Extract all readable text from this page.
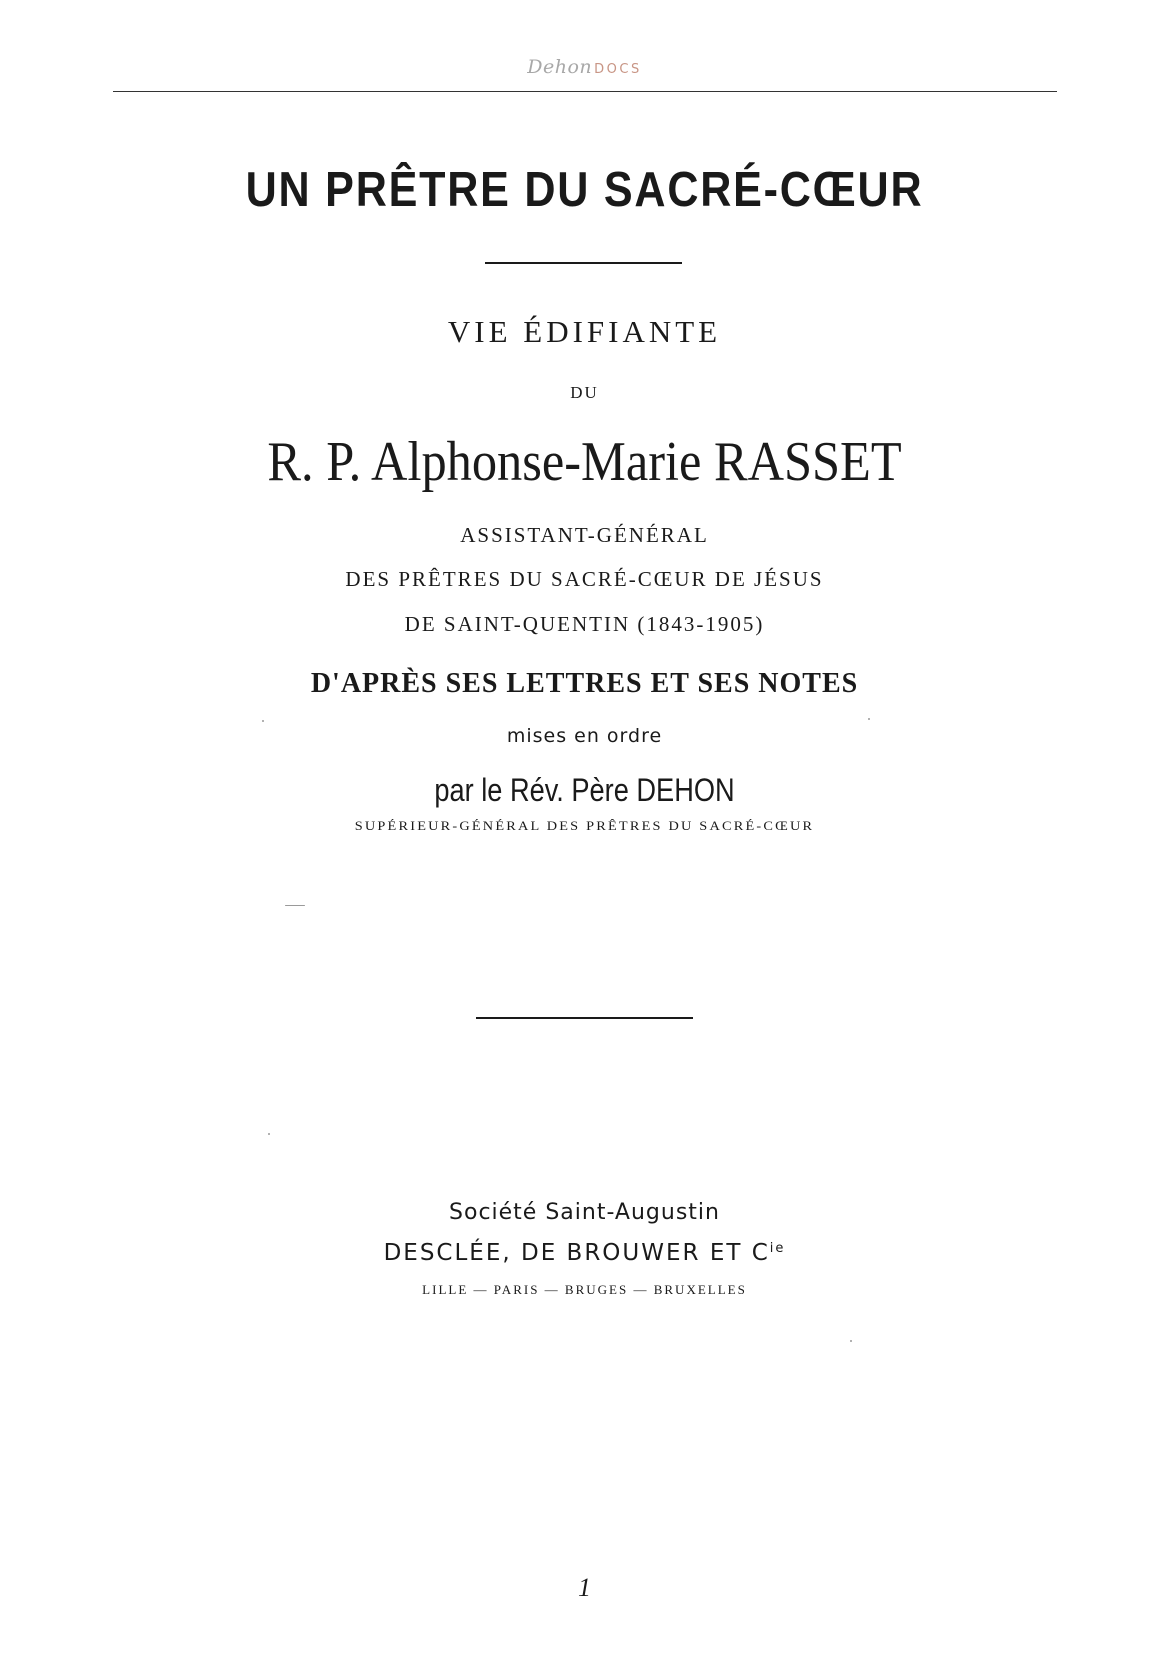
Dehon DOCS
UN PRÊTRE DU SACRÉ-CŒUR
VIE ÉDIFIANTE
DU
R. P. Alphonse-Marie RASSET
ASSISTANT-GÉNÉRAL
DES PRÊTRES DU SACRÉ-CŒUR DE JÉSUS
DE SAINT-QUENTIN (1843-1905)
D'APRÈS SES LETTRES ET SES NOTES
mises en ordre
par le Rév. Père DEHON
SUPÉRIEUR-GÉNÉRAL DES PRÊTRES DU SACRÉ-CŒUR
Société Saint-Augustin
DESCLÉE, DE BROUWER ET $C^{ie}$
LILLE — PARIS — BRUGES — BRUXELLES
1
